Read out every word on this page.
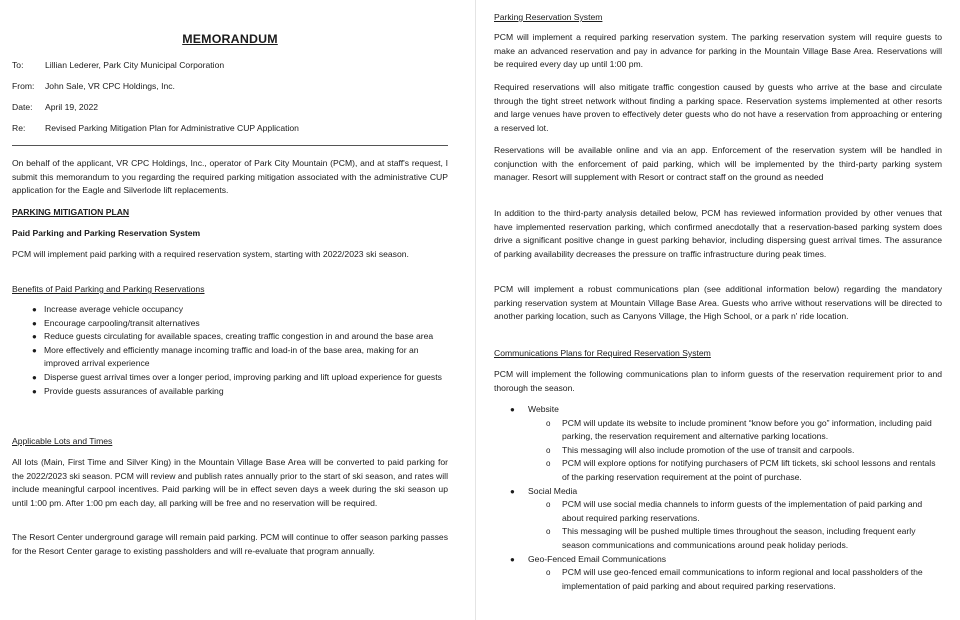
MEMORANDUM
To:	Lillian Lederer, Park City Municipal Corporation
From: John Sale, VR CPC Holdings, Inc.
Date: April 19, 2022
Re: Revised Parking Mitigation Plan for Administrative CUP Application

On behalf of the applicant, VR CPC Holdings, Inc., operator of Park City Mountain (PCM), and at staff's request, I submit this memorandum to you regarding the required parking mitigation associated with the administrative CUP application for the Eagle and Silverlode lift replacements.

PARKING MITIGATION PLAN
Paid Parking and Parking Reservation System

PCM will implement paid parking with a required reservation system, starting with 2022/2023 ski season.

Benefits of Paid Parking and Parking Reservations
● Increase average vehicle occupancy
● Encourage carpooling/transit alternatives
● Reduce guests circulating for available spaces, creating traffic congestion in and around the base area
● More effectively and efficiently manage incoming traffic and load-in of the base area, making for an improved arrival experience
● Disperse guest arrival times over a longer period, improving parking and lift upload experience for guests
● Provide guests assurances of available parking
Applicable Lots and Times

All lots (Main, First Time and Silver King) in the Mountain Village Base Area will be converted to paid parking for the 2022/2023 ski season. PCM will review and publish rates annually prior to the start of ski season, and rates will include meaningful carpool incentives. Paid parking will be in effect seven days a week during the ski season up until 1:00 pm. After 1:00 pm each day, all parking will be free and no reservation will be required.

The Resort Center underground garage will remain paid parking. PCM will continue to offer season parking passes for the Resort Center garage to existing passholders and will re-evaluate that program annually.

Parking Reservation System

PCM will implement a required parking reservation system. The parking reservation system will require guests to make an advanced reservation and pay in advance for parking in the Mountain Village Base Area. Reservations will be required every day up until 1:00 pm.

Required reservations will also mitigate traffic congestion caused by guests who arrive at the base and circulate through the tight street network without finding a parking space. Reservation systems implemented at other resorts and large venues have proven to effectively deter guests who do not have a reservation from approaching or entering a reserved lot.

Reservations will be available online and via an app. Enforcement of the reservation system will be handled in conjunction with the enforcement of paid parking, which will be implemented by the third-party parking system manager. Resort will supplement with Resort or contract staff on the ground as needed

In addition to the third-party analysis detailed below, PCM has reviewed information provided by other venues that have implemented reservation parking, which confirmed anecdotally that a reservation-based parking system does drive a significant positive change in guest parking behavior, including dispersing guest arrival times. The assurance of parking availability decreases the pressure on traffic infrastructure during peak times.

PCM will implement a robust communications plan (see additional information below) regarding the mandatory parking reservation system at Mountain Village Base Area. Guests who arrive without reservations will be directed to another parking location, such as Canyons Village, the High School, or a park n' ride location.

Communications Plans for Required Reservation System

PCM will implement the following communications plan to inform guests of the reservation requirement prior to and thorough the season.

● Website
o PCM will update its website to include prominent “know before you go” information, including paid parking, the reservation requirement and alternative parking locations.
o This messaging will also include promotion of the use of transit and carpools.
o PCM will explore options for notifying purchasers of PCM lift tickets, ski school lessons and rentals of the parking reservation requirement at the point of purchase.
● Social Media
o PCM will use social media channels to inform guests of the implementation of paid parking and about required parking reservations.
o This messaging will be pushed multiple times throughout the season, including frequent early season communications and communications around peak holiday periods.
● Geo-Fenced Email Communications
o PCM will use geo-fenced email communications to inform regional and local passholders of the implementation of paid parking and about required parking reservations.
